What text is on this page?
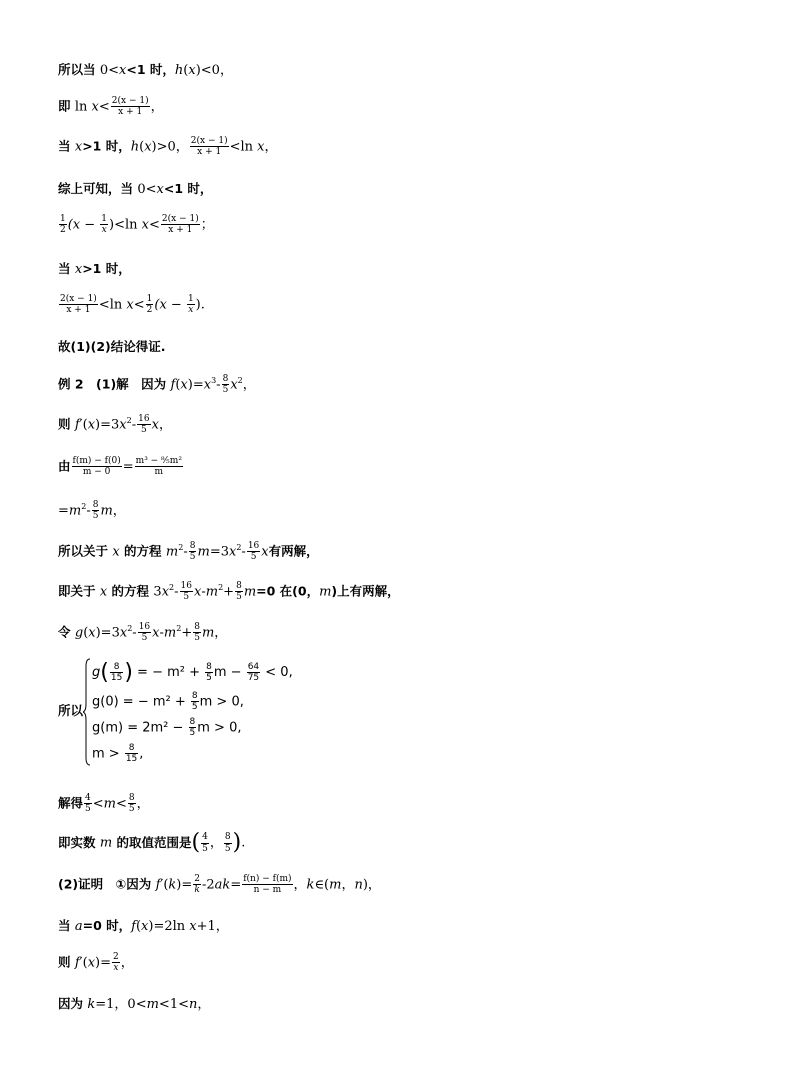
所以当 0<x<1 时，h(x)<0，
即 $\ln x< \frac{2(x - 1)}{x + 1}$ ，
当 x>1 时，h(x)>0， $\frac{2(x - 1)}{x + 1} <\ln$ x，
综上可知，当 0<x<1 时，
$\frac{1}{2} (x - \frac{1}{x} )<\ln$ $x< \frac{2(x - 1)}{x + 1}$ ；
当 x>1 时，
$\frac{2(x - 1)}{x + 1} <\ln$ $x< \frac{1}{2} (x - \frac{1}{x}$ ).
故(1)(2)结论得证.
例 2　(1)解　因为 $f(x)=x^3- \frac{8}{5} x^2$，
则 $f'(x)=3x^2- \frac{16}{5}$ x，
由 $\frac{f(m) - f(0)}{m - 0} = \frac{\text{m³ − ⁸⁄₅m²}}{m}$
$=m^2- \frac{8}{5}$ m，
所以关于 x 的方程 $m^2- \frac{8}{5} m=3x^2- \frac{16}{5}$ x有两解，
即关于 x 的方程 $3x^2- \frac{16}{5} x-m^2+ \frac{8}{5} m=0$ 在(0，m)上有两解，
令 $g(x)=3x^2- \frac{16}{5} x-m^2+ \frac{8}{5}$ m，
所以
$g( \frac{8}{15}$ ) = − $m^2 + \frac{8}{5}$ $m - \frac{64}{75} < 0$,
g(0) = − $m^2 + \frac{8}{5}$ m > 0,
$g(m) = 2m^2 - \frac{8}{5}$ m > 0,
$m > \frac{8}{15}$ ,
解得 $\frac{4}{5} <m< \frac{8}{5}$ ，
即实数 m 的取值范围是( $\frac{4}{5}$ ， $\frac{8}{5}$ ).
(2)证明　①因为 $f'(k)= \frac{2}{k} -2ak= \frac{f(n) - f(m)}{n - m}$ ，k∈(m，n)，
当 a=0 时，f(x)=2ln x+1，
则 $f'(x)= \frac{2}{x}$ ，
因为 k=1，0<m<1<n，
